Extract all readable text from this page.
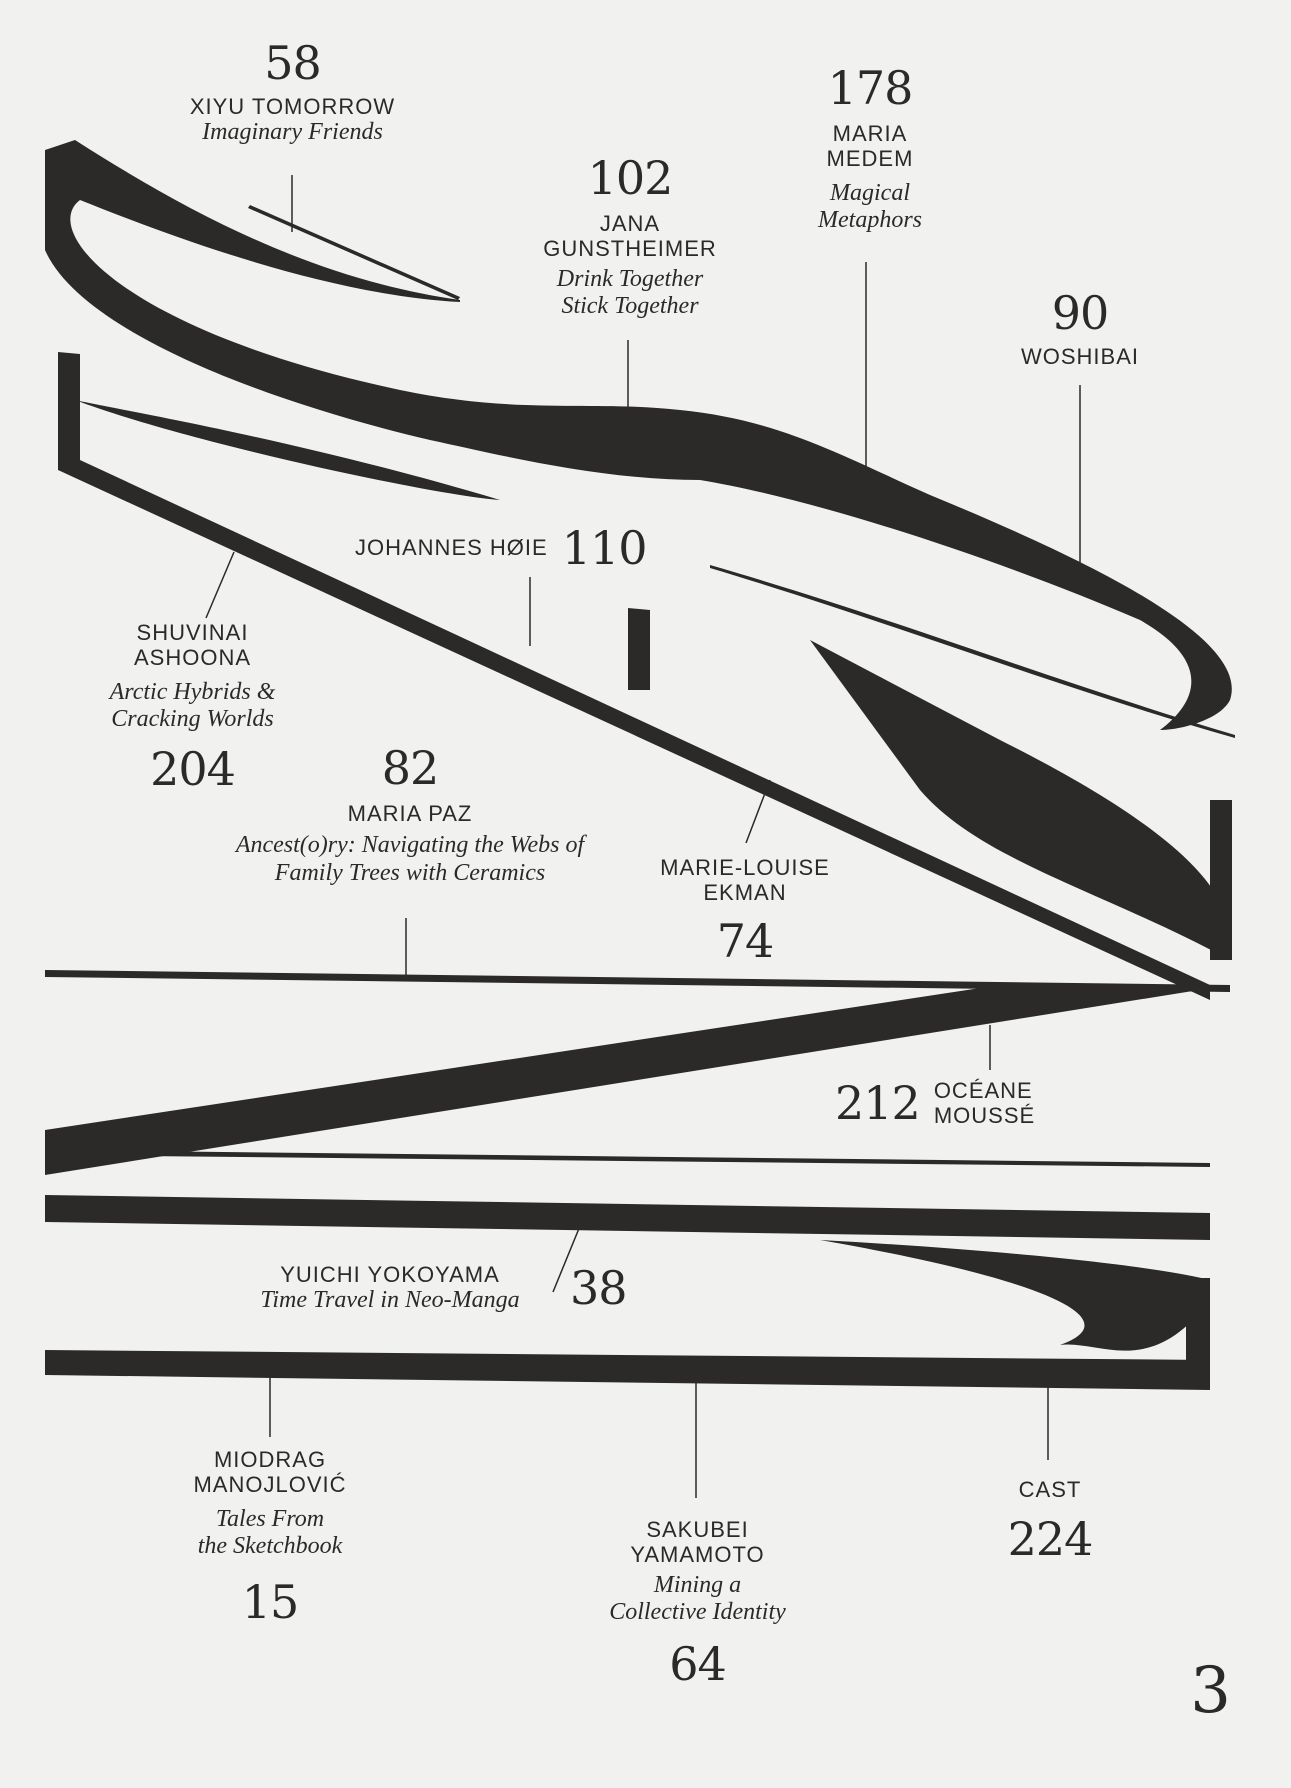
58
XIYU TOMORROW
Imaginary Friends
102
JANA
GUNSTHEIMER
Drink Together
Stick Together
178
MARIA
MEDEM
Magical
Metaphors
90
WOSHIBAI
JOHANNES HØIE 110
SHUVINAI
ASHOONA
Arctic Hybrids &
Cracking Worlds
204	82
MARIA PAZ
Ancest(o)ry: Navigating the Webs of
Family Trees with Ceramics	MARIE-LOUISE
EKMAN
74
212 OCÉANE
MOUSSÉ
YUICHI YOKOYAMA
Time Travel in Neo-Manga	38
MIODRAG
MANOJLOVIĆ
Tales From
the Sketchbook
15
SAKUBEI
YAMAMOTO
Mining a
Collective Identity
64
CAST
224
3
